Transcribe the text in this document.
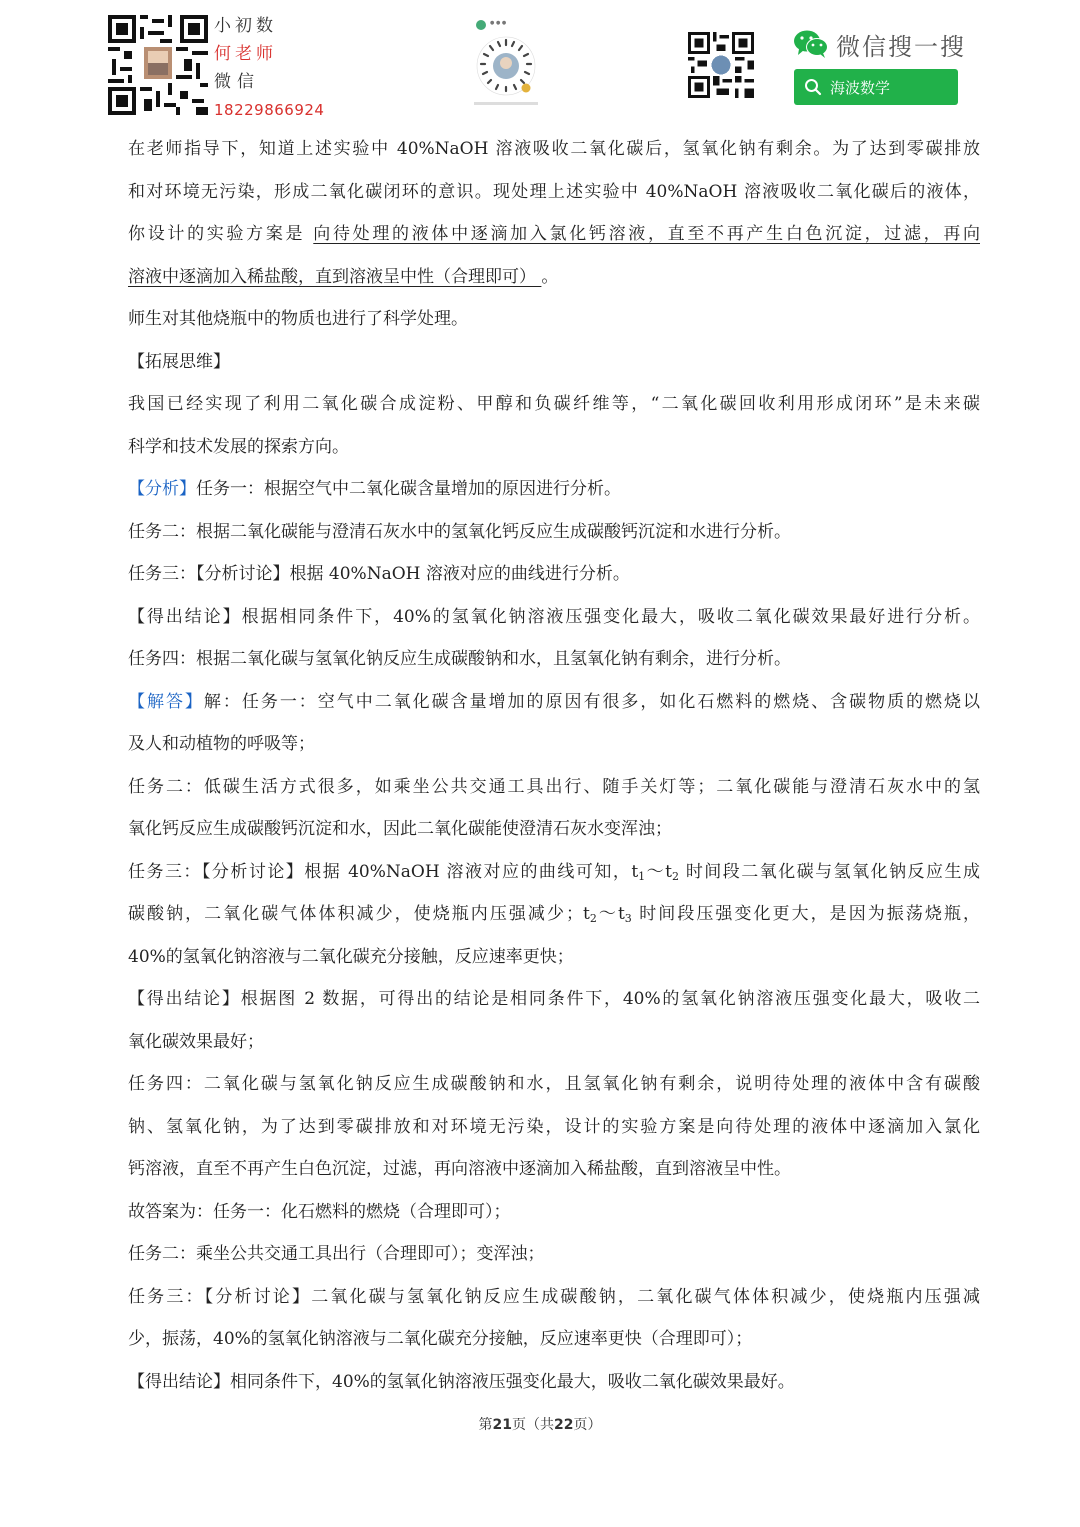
小初数
何老师
微信
18229866924
● ● ●
微信搜一搜
海波数学
在老师指导下，知道上述实验中 40%NaOH 溶液吸收二氧化碳后，氢氧化钠有剩余。为了达到零碳排放
和对环境无污染，形成二氧化碳闭环的意识。现处理上述实验中 40%NaOH 溶液吸收二氧化碳后的液体，
你设计的实验方案是 向待处理的液体中逐滴加入氯化钙溶液，直至不再产生白色沉淀，过滤，再向
溶液中逐滴加入稀盐酸，直到溶液呈中性（合理即可） 。
师生对其他烧瓶中的物质也进行了科学处理。
【拓展思维】
我国已经实现了利用二氧化碳合成淀粉、甲醇和负碳纤维等，“二氧化碳回收利用形成闭环”是未来碳
科学和技术发展的探索方向。
【分析】任务一：根据空气中二氧化碳含量增加的原因进行分析。
任务二：根据二氧化碳能与澄清石灰水中的氢氧化钙反应生成碳酸钙沉淀和水进行分析。
任务三：【分析讨论】根据 40%NaOH 溶液对应的曲线进行分析。
【得出结论】根据相同条件下，40%的氢氧化钠溶液压强变化最大，吸收二氧化碳效果最好进行分析。
任务四：根据二氧化碳与氢氧化钠反应生成碳酸钠和水，且氢氧化钠有剩余，进行分析。
【解答】解：任务一：空气中二氧化碳含量增加的原因有很多，如化石燃料的燃烧、含碳物质的燃烧以
及人和动植物的呼吸等；
任务二：低碳生活方式很多，如乘坐公共交通工具出行、随手关灯等；二氧化碳能与澄清石灰水中的氢
氧化钙反应生成碳酸钙沉淀和水，因此二氧化碳能使澄清石灰水变浑浊；
任务三：【分析讨论】根据 40%NaOH 溶液对应的曲线可知，$t_1\sim t_2$ 时间段二氧化碳与氢氧化钠反应生成
碳酸钠，二氧化碳气体体积减少，使烧瓶内压强减少；$t_2\sim t_3$ 时间段压强变化更大，是因为振荡烧瓶，
40%的氢氧化钠溶液与二氧化碳充分接触，反应速率更快；
【得出结论】根据图 2 数据，可得出的结论是相同条件下，40%的氢氧化钠溶液压强变化最大，吸收二
氧化碳效果最好；
任务四：二氧化碳与氢氧化钠反应生成碳酸钠和水，且氢氧化钠有剩余，说明待处理的液体中含有碳酸
钠、氢氧化钠，为了达到零碳排放和对环境无污染，设计的实验方案是向待处理的液体中逐滴加入氯化
钙溶液，直至不再产生白色沉淀，过滤，再向溶液中逐滴加入稀盐酸，直到溶液呈中性。
故答案为：任务一：化石燃料的燃烧（合理即可）；
任务二：乘坐公共交通工具出行（合理即可）；变浑浊；
任务三：【分析讨论】二氧化碳与氢氧化钠反应生成碳酸钠，二氧化碳气体体积减少，使烧瓶内压强减
少，振荡，40%的氢氧化钠溶液与二氧化碳充分接触，反应速率更快（合理即可）；
【得出结论】相同条件下，40%的氢氧化钠溶液压强变化最大，吸收二氧化碳效果最好。
第21页（共22页）
